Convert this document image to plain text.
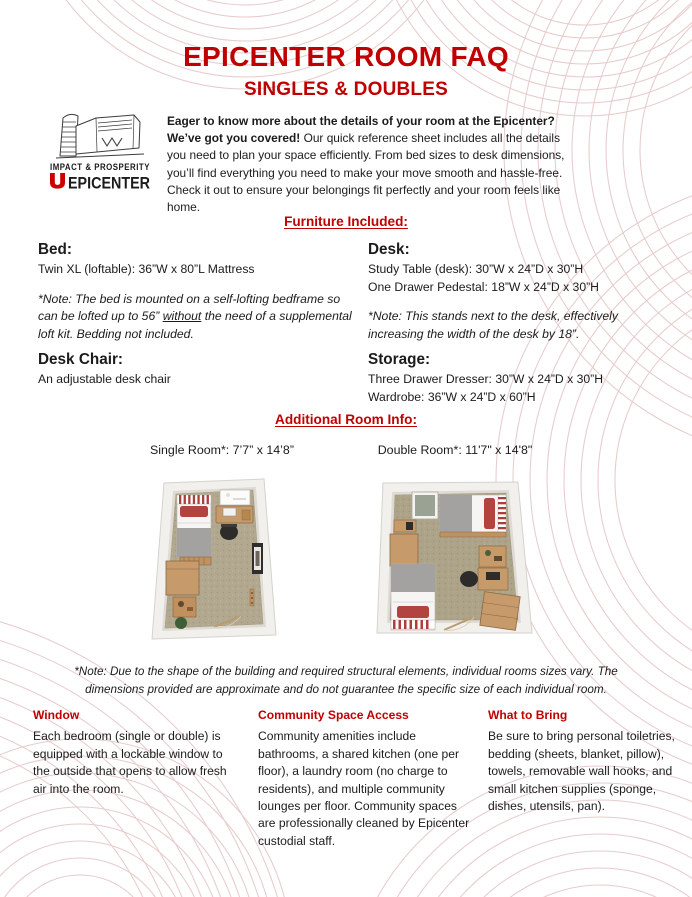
EPICENTER ROOM FAQ
SINGLES & DOUBLES
IMPACT & PROSPERITY
EPICENTER
Eager to know more about the details of your room at the Epicenter? We’ve got you covered! Our quick reference sheet includes all the details you need to plan your space efficiently. From bed sizes to desk dimensions, you’ll find everything you need to make your move smooth and hassle-free. Check it out to ensure your belongings fit perfectly and your room feels like home.
Furniture Included:
Bed:

Twin XL (loftable): 36”W x 80”L Mattress

*Note: The bed is mounted on a self-lofting bedframe so can be lofted up to 56” without the need of a supplemental loft kit. Bedding not included.

Desk:

Study Table (desk): 30”W x 24”D x 30”H

One Drawer Pedestal: 18”W x 24”D x 30”H

*Note: This stands next to the desk, effectively increasing the width of the desk by 18”.

Desk Chair:

An adjustable desk chair

Storage:

Three Drawer Dresser: 30”W x 24”D x 30”H

Wardrobe: 36”W x 24”D x 60”H

Additional Room Info:
Single Room*: 7’7” x 14’8”	Double Room*: 11'7" x 14'8"
*Note: Due to the shape of the building and required structural elements, individual rooms sizes vary. The dimensions provided are approximate and do not guarantee the specific size of each individual room.
Window

Each bedroom (single or double) is equipped with a lockable window to the outside that opens to allow fresh air into the room.

Community Space Access

Community amenities include bathrooms, a shared kitchen (one per floor), a laundry room (no charge to residents), and multiple community lounges per floor. Community spaces are professionally cleaned by Epicenter custodial staff.

What to Bring

Be sure to bring personal toiletries, bedding (sheets, blanket, pillow), towels, removable wall hooks, and small kitchen supplies (sponge, dishes, utensils, pan).
